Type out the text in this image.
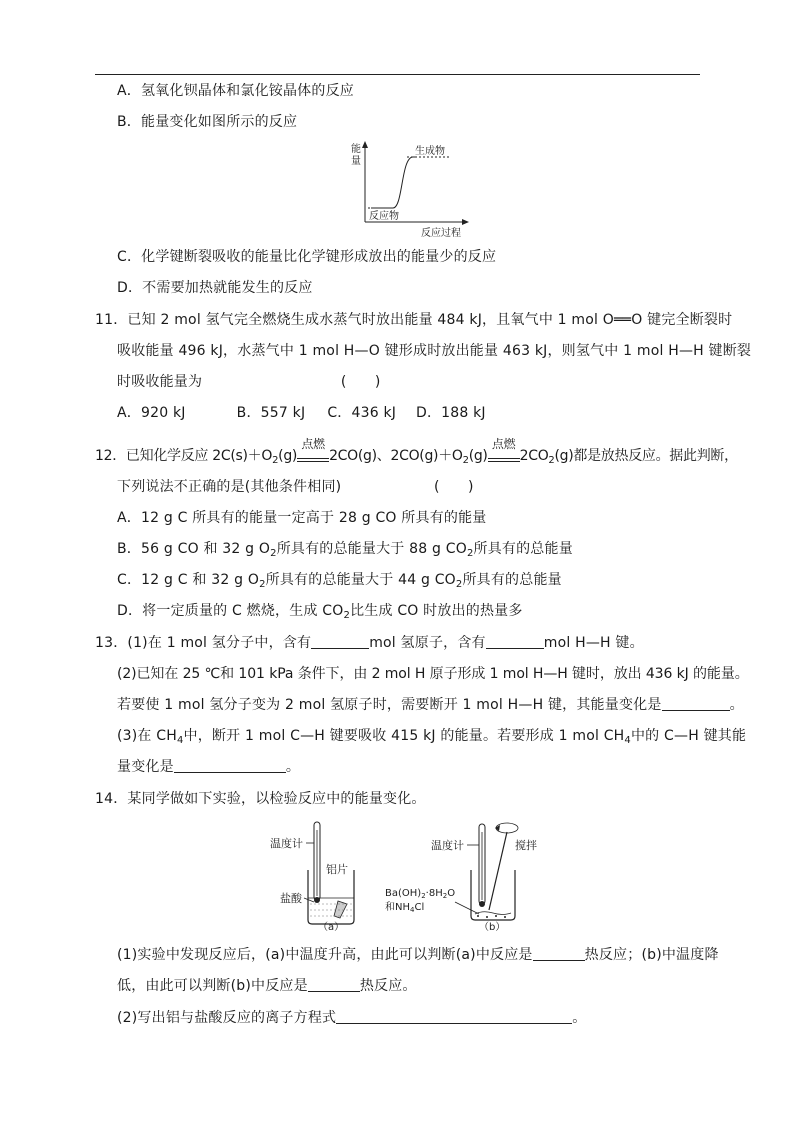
A．氢氧化钡晶体和氯化铵晶体的反应
B．能量变化如图所示的反应
能
量
生成物
反应物
反应过程
C．化学键断裂吸收的能量比化学键形成放出的能量少的反应
D．不需要加热就能发生的反应
11．已知 2 mol 氢气完全燃烧生成水蒸气时放出能量 484 kJ，且氧气中 1 mol O══O 键完全断裂时
吸收能量 496 kJ，水蒸气中 1 mol H—O 键形成时放出能量 463 kJ，则氢气中 1 mol H—H 键断裂
时吸收能量为	(　　)
A．920 kJ	B．557 kJ C．436 kJ D．188 kJ
12．已知化学反应 $2C(s)+O_2(g)$
点燃
2CO(g)、$2CO(g)+O_2(g)$
点燃
$2CO_2(g)$都是放热反应。据此判断，
下列说法不正确的是(其他条件相同)	(　　)
A．12 g C 所具有的能量一定高于 28 g CO 所具有的能量
B．56 g CO 和 32 g $O_2$所具有的总能量大于 88 g $CO_2$所具有的总能量
C．12 g C 和 32 g $O_2$所具有的总能量大于 44 g $CO_2$所具有的总能量
D．将一定质量的 C 燃烧，生成 $CO_2$比生成 CO 时放出的热量多
13．(1)在 1 mol 氢分子中，含有	mol 氢原子，含有	mol H—H 键。
(2)已知在 25 ℃和 101 kPa 条件下，由 2 mol H 原子形成 1 mol H—H 键时，放出 436 kJ 的能量。
若要使 1 mol 氢分子变为 2 mol 氢原子时，需要断开 1 mol H—H 键，其能量变化是	。
(3)在 $CH_4$中，断开 1 mol C—H 键要吸收 415 kJ 的能量。若要形成 1 mol $CH_4$中的 C—H 键其能
量变化是	。
14．某同学做如下实验，以检验反应中的能量变化。
温度计
铝片
盐酸
（a）
温度计	搅拌
$Ba(OH)_2\cdot 8H_2O$
和$NH_4Cl$
（b）
(1)实验中发现反应后，(a)中温度升高，由此可以判断(a)中反应是	热反应；(b)中温度降
低，由此可以判断(b)中反应是	热反应。
(2)写出铝与盐酸反应的离子方程式	。
